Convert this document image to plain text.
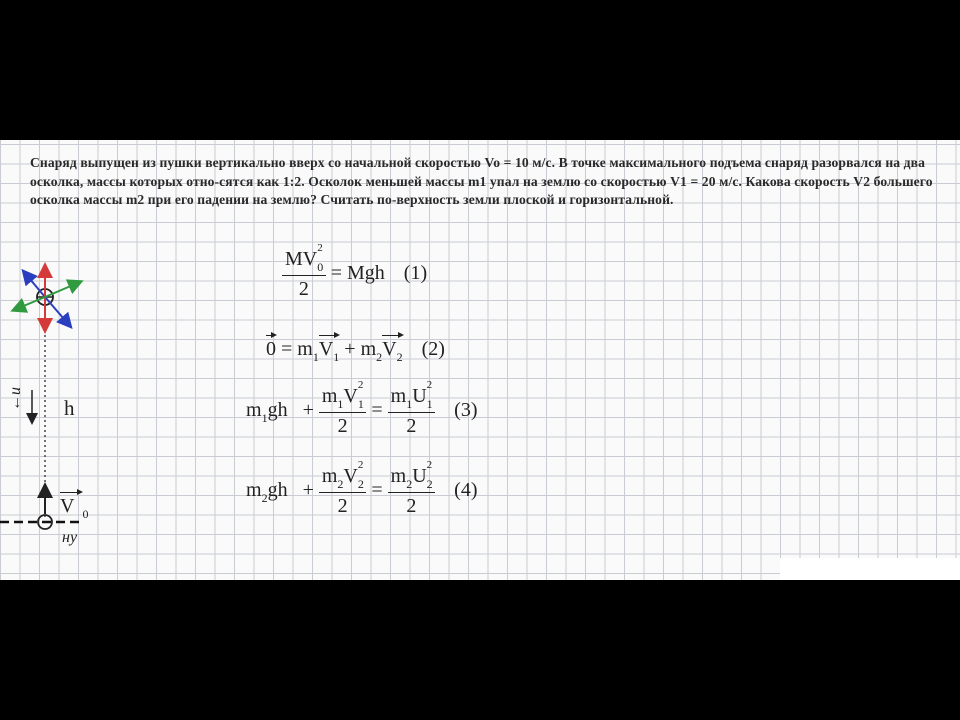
Снаряд выпущен из пушки вертикально вверх со начальной скоростью Vo = 10 м/с. В точке максимального подъема снаряд разорвался на два осколка, массы которых отно-сятся как 1:2. Осколок меньшей массы m1 упал на землю со скоростью V1 = 20 м/с. Какова скорость V2 большего осколка массы m2 при его падении на землю? Считать по-верхность земли плоской и горизонтальной.
$\frac{MV_0^2}{2}$ = Mgh (1)
$0 = m_1V_1 + m_2V_2$ (2)
$m_1gh + \frac{m_1V_1^2}{2} = \frac{m_1U_1^2}{2} (3)$
$m_2gh + \frac{m_2V_2^2}{2} = \frac{m_2U_2^2}{2} (4)$
h
V $_0$
←и
ну
